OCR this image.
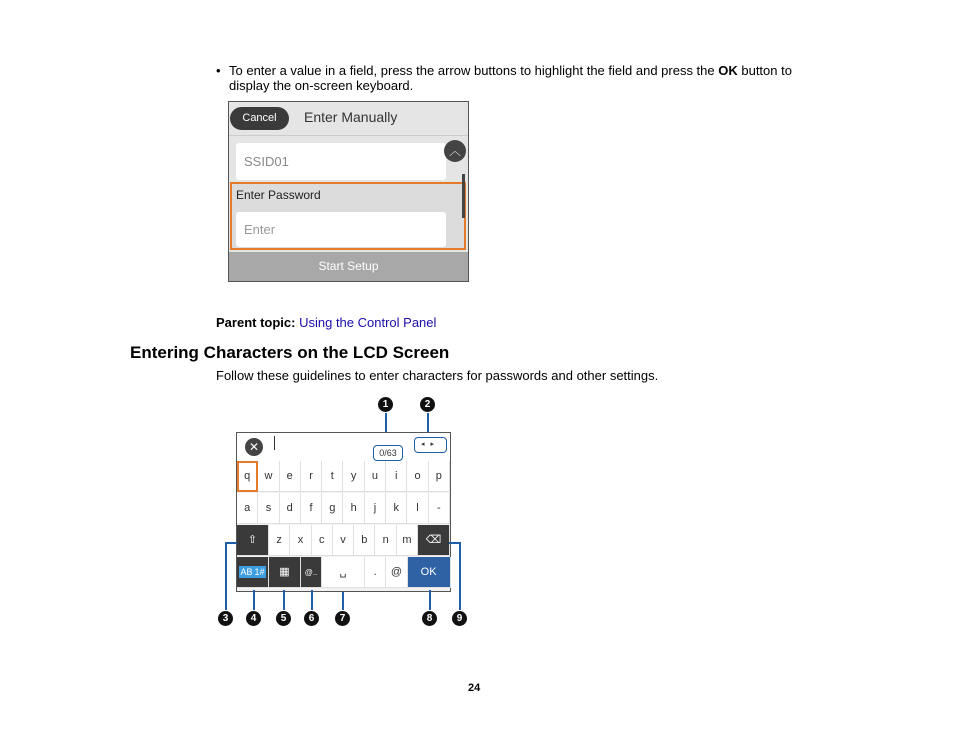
• To enter a value in a field, press the arrow buttons to highlight the field and press the OK button to display the on-screen keyboard.
Cancel	Enter Manually
SSID01
︿
Enter Password
Enter
Start Setup
Parent topic: Using the Control Panel
Entering Characters on the LCD Screen
Follow these guidelines to enter characters for passwords and other settings.
1	2
✕	0/63
◂▸
q	w	e	r	t	y	u	i	o	p
a	s	d	f	g	h	j	k	l	-
⇧	z	x	c	v	b	n	m	⌫
AB 1#	▦	@..	␣	.	@	OK
3	4	5	6	7	8	9
24
